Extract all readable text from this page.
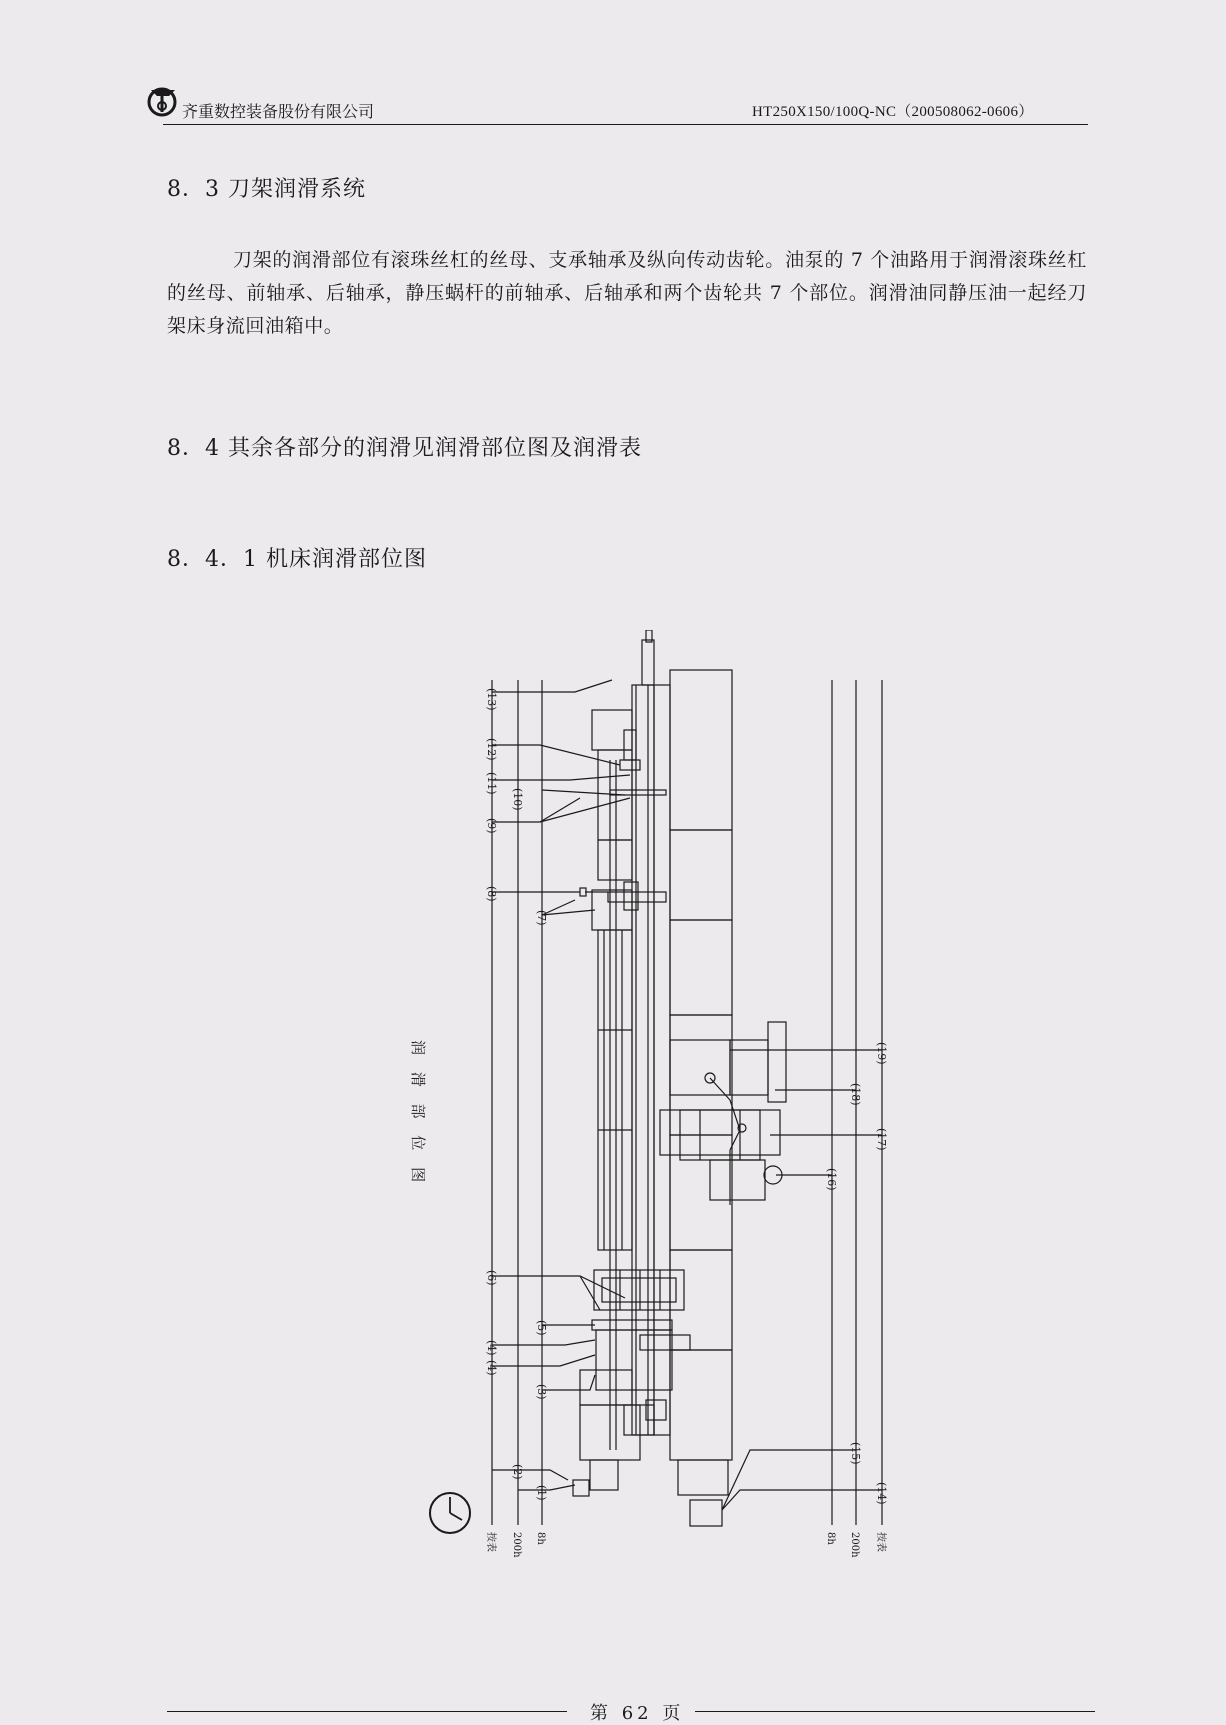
齐重数控装备股份有限公司	HT250X150/100Q-NC（200508062-0606）
8．3 刀架润滑系统

刀架的润滑部位有滚珠丝杠的丝母、支承轴承及纵向传动齿轮。油泵的 7 个油路用于润滑滚珠丝杠的丝母、前轴承、后轴承，静压蜗杆的前轴承、后轴承和两个齿轮共 7 个部位。润滑油同静压油一起经刀架床身流回油箱中。

8．4 其余各部分的润滑见润滑部位图及润滑表
8．4．1 机床润滑部位图
润 滑 部 位 图
(13)
(12)
(11)
(10)
(9)
(8)
(7)
(6)
(5)
(4)
(4)
(3)
(2)
(1)
(19)
(18)
(17)
(16)
(15)
(14)
按表 200h 8h	8h 200h 按表
第 62 页
